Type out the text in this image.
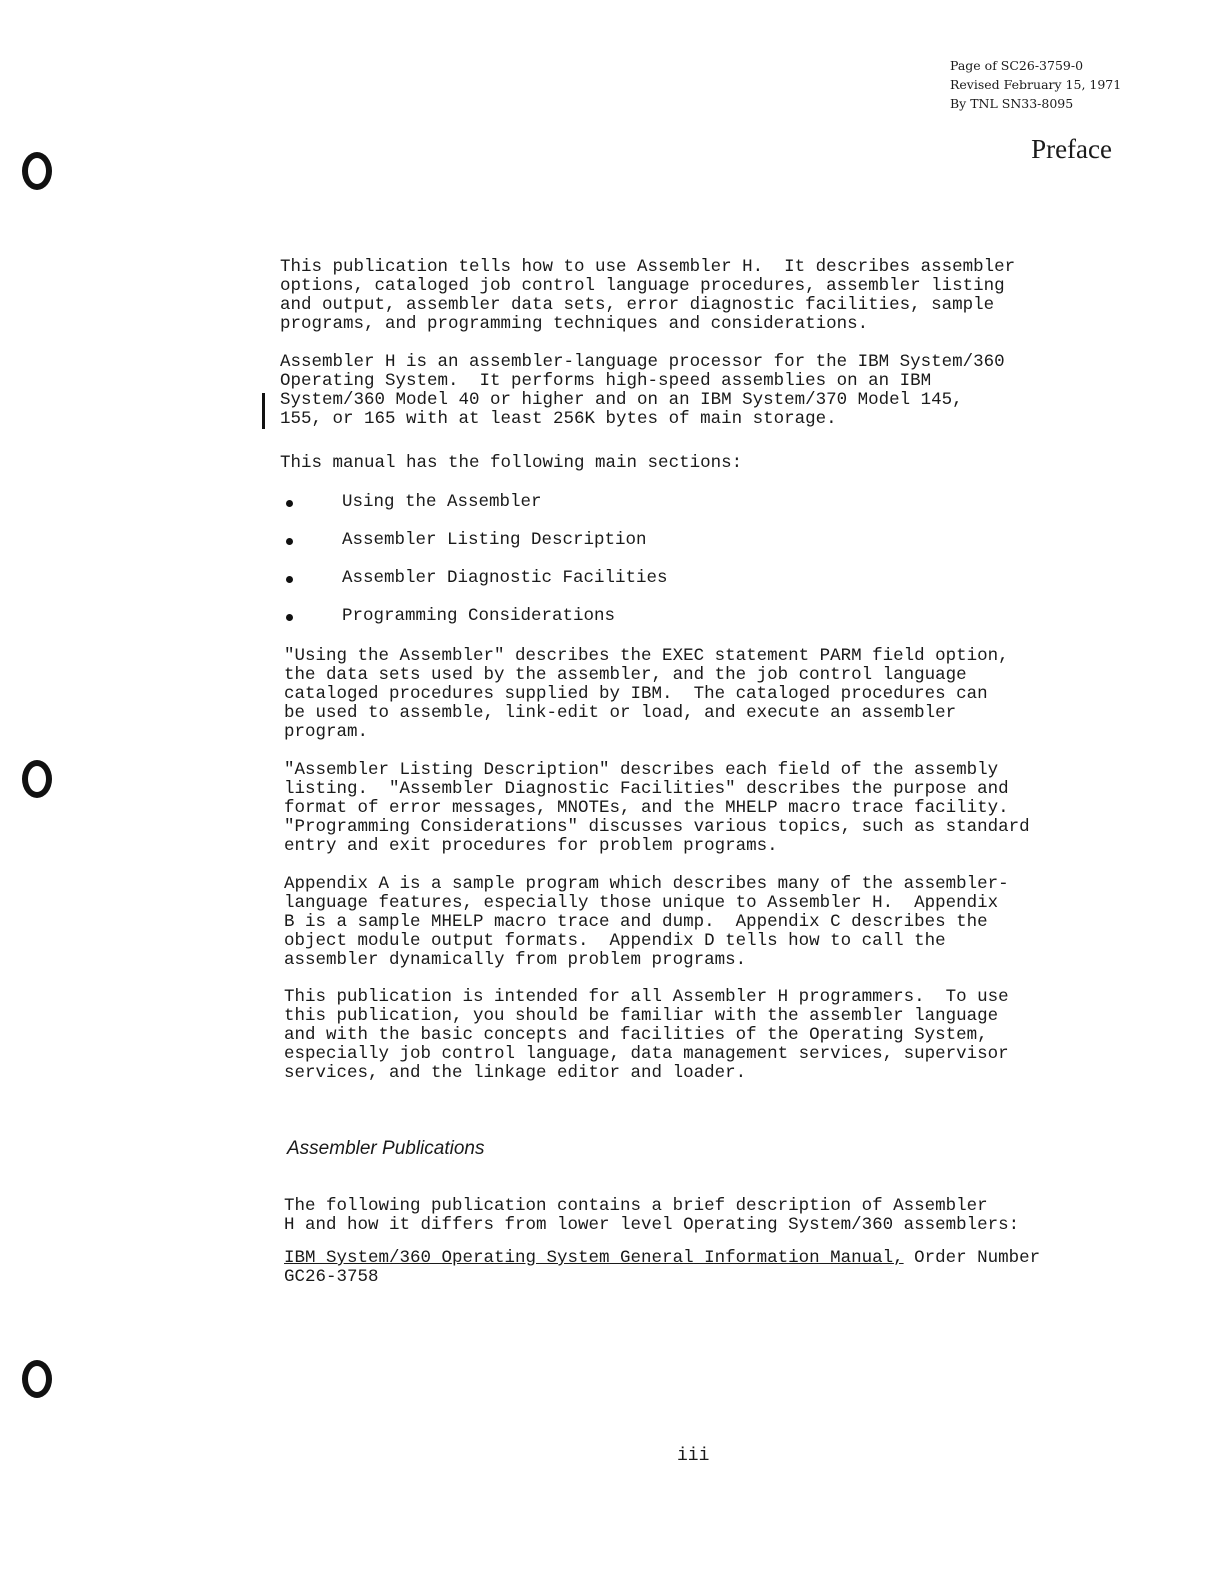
Page of SC26-3759-0
Revised February 15, 1971
By TNL SN33-8095
Preface

This publication tells how to use Assembler H.  It describes assembler
options, cataloged job control language procedures, assembler listing
and output, assembler data sets, error diagnostic facilities, sample
programs, and programming techniques and considerations.

Assembler H is an assembler-language processor for the IBM System/360
Operating System.  It performs high-speed assemblies on an IBM
System/360 Model 40 or higher and on an IBM System/370 Model 145,
155, or 165 with at least 256K bytes of main storage.

This manual has the following main sections:

Using the Assembler
Assembler Listing Description
Assembler Diagnostic Facilities
Programming Considerations

"Using the Assembler" describes the EXEC statement PARM field option,
the data sets used by the assembler, and the job control language
cataloged procedures supplied by IBM.  The cataloged procedures can
be used to assemble, link-edit or load, and execute an assembler
program.

"Assembler Listing Description" describes each field of the assembly
listing.  "Assembler Diagnostic Facilities" describes the purpose and
format of error messages, MNOTEs, and the MHELP macro trace facility.
"Programming Considerations" discusses various topics, such as standard
entry and exit procedures for problem programs.

Appendix A is a sample program which describes many of the assembler-
language features, especially those unique to Assembler H.  Appendix
B is a sample MHELP macro trace and dump.  Appendix C describes the
object module output formats.  Appendix D tells how to call the
assembler dynamically from problem programs.

This publication is intended for all Assembler H programmers.  To use
this publication, you should be familiar with the assembler language
and with the basic concepts and facilities of the Operating System,
especially job control language, data management services, supervisor
services, and the linkage editor and loader.

Assembler Publications

The following publication contains a brief description of Assembler
H and how it differs from lower level Operating System/360 assemblers:

IBM System/360 Operating System General Information Manual, Order Number
GC26-3758
iii
